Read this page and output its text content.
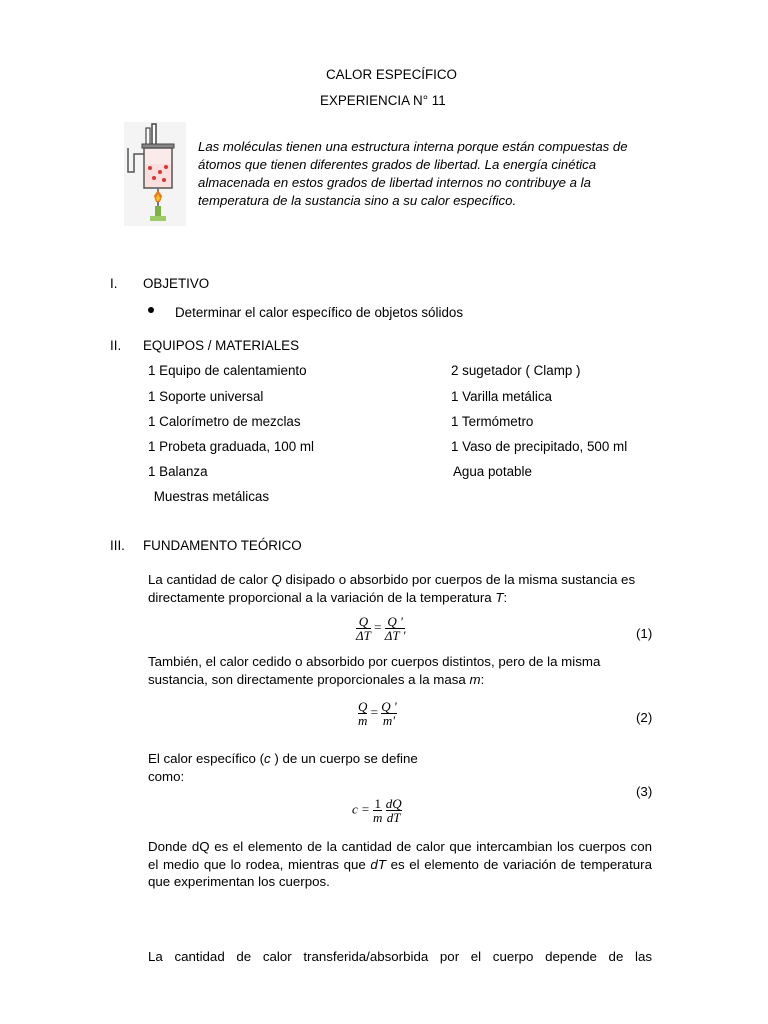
CALOR ESPECÍFICO
EXPERIENCIA N° 11
Las moléculas tienen una estructura interna porque están compuestas de átomos que tienen diferentes grados de libertad. La energía cinética almacenada en estos grados de libertad internos no contribuye a la temperatura de la sustancia sino a su calor específico.
I. OBJETIVO
Determinar el calor específico de objetos sólidos
II. EQUIPOS / MATERIALES
1 Equipo de calentamiento
1 Soporte universal
1 Calorímetro de mezclas
1 Probeta graduada, 100 ml
1 Balanza
Muestras metálicas
2 sugetador ( Clamp )
1 Varilla metálica
1 Termómetro
1 Vaso de precipitado, 500 ml
Agua potable
III. FUNDAMENTO TEÓRICO
La cantidad de calor Q disipado o absorbido por cuerpos de la misma sustancia es directamente proporcional a la variación de la temperatura T:
$\frac{Q}{\Delta T} = \frac{Q '}{\Delta T '}$	(1)
También, el calor cedido o absorbido por cuerpos distintos, pero de la misma sustancia, son directamente proporcionales a la masa m:
$\frac{Q}{m} = \frac{Q '}{m'}$	(2)
El calor específico (c ) de un cuerpo se define como:
$c = \frac{1}{m}$
$\frac{dQ}{dT}$
(3)
Donde dQ es el elemento de la cantidad de calor que intercambian los cuerpos con el medio que lo rodea, mientras que dT es el elemento de variación de temperatura que experimentan los cuerpos.
La cantidad de calor transferida/absorbida por el cuerpo depende de las
